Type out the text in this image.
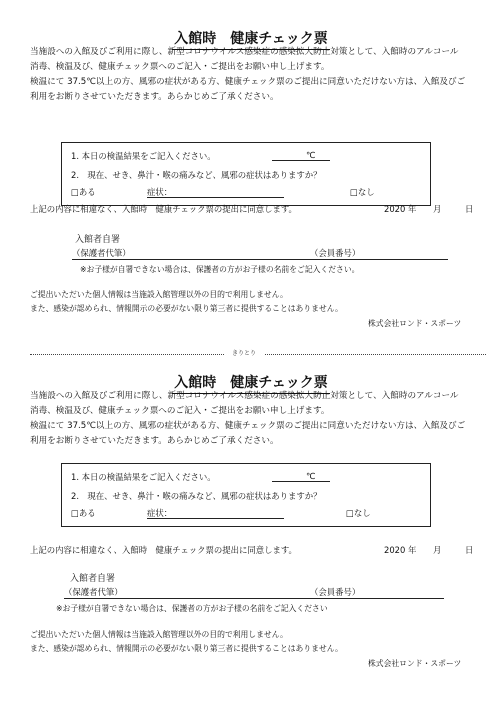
入館時　健康チェック票
当施設への入館及びご利用に際し、新型コロナウイルス感染症の感染拡大防止対策として、入館時のアルコール
消毒、検温及び、健康チェック票へのご記入・ご提出をお願い申し上げます。
検温にて 37.5℃以上の方、風邪の症状がある方、健康チェック票のご提出に同意いただけない方は、入館及びご
利用をお断りさせていただきます。あらかじめご了承ください。
1. 本日の検温結果をご記入ください。	℃
2.　現在、せき、鼻汁・喉の痛みなど、風邪の症状はありますか？
□ある	症状：	□なし
上記の内容に相違なく、入館時　健康チェック票の提出に同意します。	2020 年 月	日
入館者自署
（保護者代筆）	（会員番号）
※お子様が自署できない場合は、保護者の方がお子様の名前をご記入ください。
ご提出いただいた個人情報は当施設入館管理以外の目的で利用しません。
また、感染が認められ、情報開示の必要がない限り第三者に提供することはありません。
株式会社ロンド・スポーツ
きりとり
入館時　健康チェック票
当施設への入館及びご利用に際し、新型コロナウイルス感染症の感染拡大防止対策として、入館時のアルコール
消毒、検温及び、健康チェック票へのご記入・ご提出をお願い申し上げます。
検温にて 37.5℃以上の方、風邪の症状がある方、健康チェック票のご提出に同意いただけない方は、入館及びご
利用をお断りさせていただきます。あらかじめご了承ください。
1. 本日の検温結果をご記入ください。	℃
2.　現在、せき、鼻汁・喉の痛みなど、風邪の症状はありますか？
□ある	症状：	□なし
上記の内容に相違なく、入館時　健康チェック票の提出に同意します。	2020 年 月	日
入館者自署
（保護者代筆）	（会員番号）
※お子様が自署できない場合は、保護者の方がお子様の名前をご記入ください
ご提出いただいた個人情報は当施設入館管理以外の目的で利用しません。
また、感染が認められ、情報開示の必要がない限り第三者に提供することはありません。
株式会社ロンド・スポーツ
